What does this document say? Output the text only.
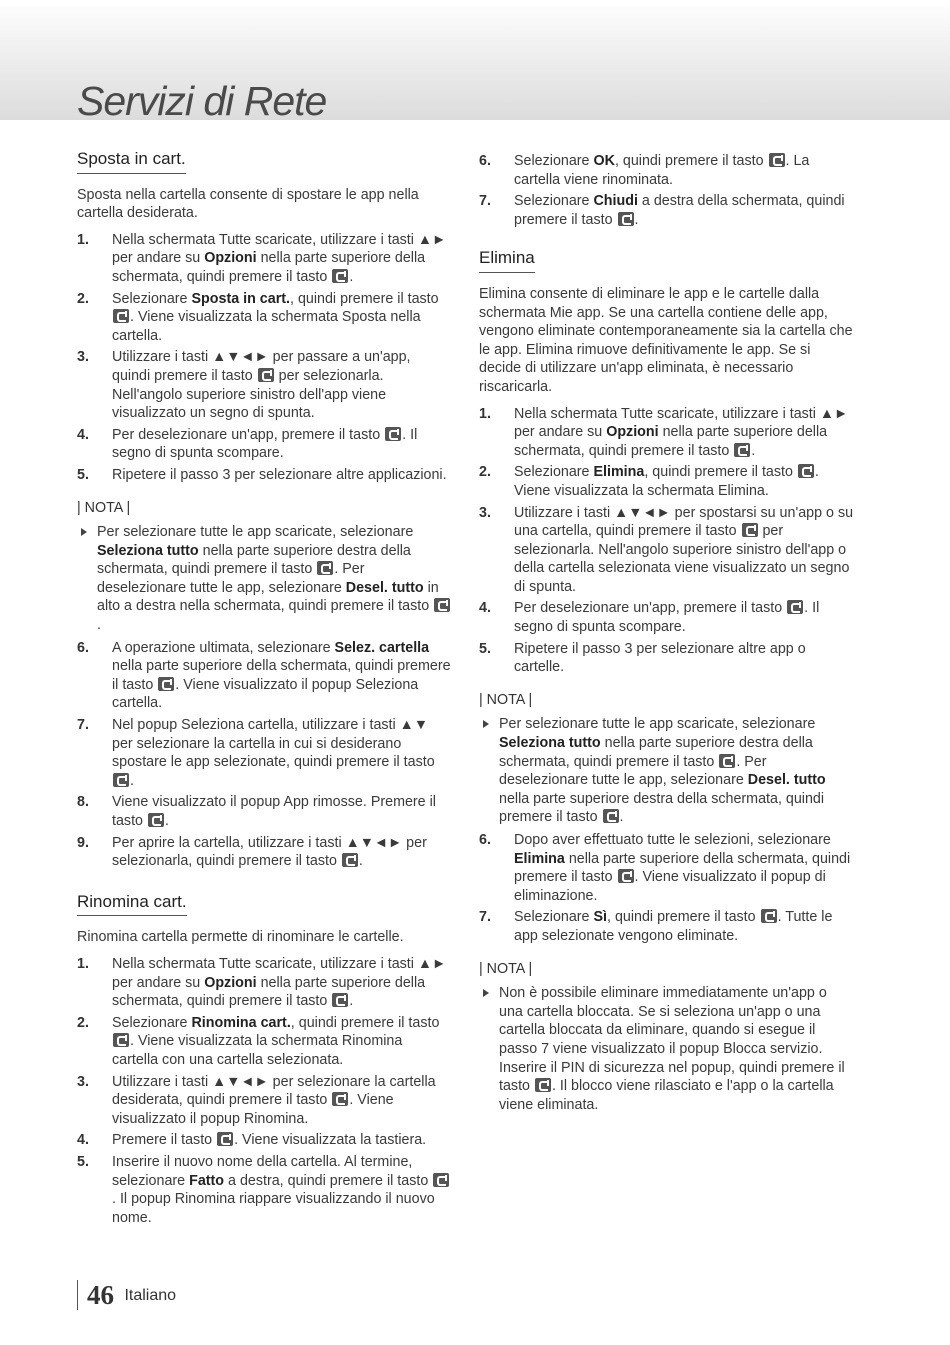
Servizi di Rete
Sposta in cart.
Sposta nella cartella consente di spostare le app nella cartella desiderata.
1. Nella schermata Tutte scaricate, utilizzare i tasti ▲► per andare su Opzioni nella parte superiore della schermata, quindi premere il tasto .
2. Selezionare Sposta in cart., quindi premere il tasto . Viene visualizzata la schermata Sposta nella cartella.
3. Utilizzare i tasti ▲▼◄► per passare a un'app, quindi premere il tasto  per selezionarla. Nell'angolo superiore sinistro dell'app viene visualizzato un segno di spunta.
4. Per deselezionare un'app, premere il tasto . Il segno di spunta scompare.
5. Ripetere il passo 3 per selezionare altre applicazioni.
| NOTA |
Per selezionare tutte le app scaricate, selezionare Seleziona tutto nella parte superiore destra della schermata, quindi premere il tasto . Per deselezionare tutte le app, selezionare Desel. tutto in alto a destra nella schermata, quindi premere il tasto .
6. A operazione ultimata, selezionare Selez. cartella nella parte superiore della schermata, quindi premere il tasto . Viene visualizzato il popup Seleziona cartella.
7. Nel popup Seleziona cartella, utilizzare i tasti ▲▼ per selezionare la cartella in cui si desiderano spostare le app selezionate, quindi premere il tasto .
8. Viene visualizzato il popup App rimosse. Premere il tasto .
9. Per aprire la cartella, utilizzare i tasti ▲▼◄► per selezionarla, quindi premere il tasto .
Rinomina cart.
Rinomina cartella permette di rinominare le cartelle.
1. Nella schermata Tutte scaricate, utilizzare i tasti ▲► per andare su Opzioni nella parte superiore della schermata, quindi premere il tasto .
2. Selezionare Rinomina cart., quindi premere il tasto . Viene visualizzata la schermata Rinomina cartella con una cartella selezionata.
3. Utilizzare i tasti ▲▼◄► per selezionare la cartella desiderata, quindi premere il tasto . Viene visualizzato il popup Rinomina.
4. Premere il tasto . Viene visualizzata la tastiera.
5. Inserire il nuovo nome della cartella. Al termine, selezionare Fatto a destra, quindi premere il tasto . Il popup Rinomina riappare visualizzando il nuovo nome.
6. Selezionare OK, quindi premere il tasto . La cartella viene rinominata.
7. Selezionare Chiudi a destra della schermata, quindi premere il tasto .
Elimina
Elimina consente di eliminare le app e le cartelle dalla schermata Mie app. Se una cartella contiene delle app, vengono eliminate contemporaneamente sia la cartella che le app. Elimina rimuove definitivamente le app. Se si decide di utilizzare un'app eliminata, è necessario riscaricarla.
1. Nella schermata Tutte scaricate, utilizzare i tasti ▲► per andare su Opzioni nella parte superiore della schermata, quindi premere il tasto .
2. Selezionare Elimina, quindi premere il tasto . Viene visualizzata la schermata Elimina.
3. Utilizzare i tasti ▲▼◄► per spostarsi su un'app o su una cartella, quindi premere il tasto  per selezionarla. Nell'angolo superiore sinistro dell'app o della cartella selezionata viene visualizzato un segno di spunta.
4. Per deselezionare un'app, premere il tasto . Il segno di spunta scompare.
5. Ripetere il passo 3 per selezionare altre app o cartelle.
| NOTA |
Per selezionare tutte le app scaricate, selezionare Seleziona tutto nella parte superiore destra della schermata, quindi premere il tasto . Per deselezionare tutte le app, selezionare Desel. tutto nella parte superiore destra della schermata, quindi premere il tasto .
6. Dopo aver effettuato tutte le selezioni, selezionare Elimina nella parte superiore della schermata, quindi premere il tasto . Viene visualizzato il popup di eliminazione.
7. Selezionare Sì, quindi premere il tasto . Tutte le app selezionate vengono eliminate.
| NOTA |
Non è possibile eliminare immediatamente un'app o una cartella bloccata. Se si seleziona un'app o una cartella bloccata da eliminare, quando si esegue il passo 7 viene visualizzato il popup Blocca servizio. Inserire il PIN di sicurezza nel popup, quindi premere il tasto . Il blocco viene rilasciato e l'app o la cartella viene eliminata.
46 Italiano
